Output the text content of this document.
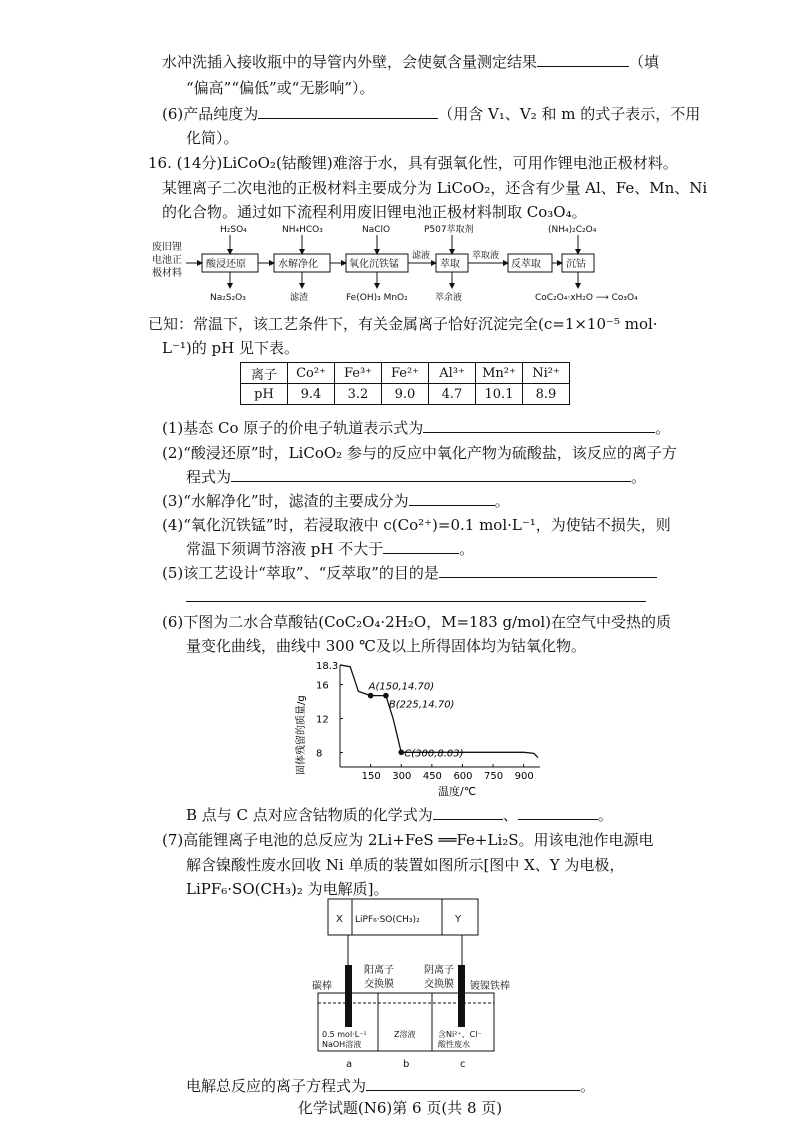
水冲洗插入接收瓶中的导管内外壁，会使氨含量测定结果	（填
“偏高”“偏低”或“无影响”）。
(6)产品纯度为	（用含 V₁、V₂ 和 m 的式子表示，不用
化简）。
16. (14分)LiCoO₂(钴酸锂)难溶于水，具有强氧化性，可用作锂电池正极材料。
某锂离子二次电池的正极材料主要成分为 LiCoO₂，还含有少量 Al、Fe、Mn、Ni
的化合物。通过如下流程利用废旧锂电池正极材料制取 Co₃O₄。
废旧锂
电池正
极材料
酸浸还原	水解净化	氧化沉铁锰	萃取	反萃取	沉钴
滤液	萃取液
H₂SO₄	NH₄HCO₃	NaClO	P507萃取剂	(NH₄)₂C₂O₄
Na₂S₂O₃	滤渣	Fe(OH)₃ MnO₂	萃余液	CoC₂O₄·xH₂O ⟶ Co₃O₄
已知：常温下，该工艺条件下，有关金属离子恰好沉淀完全(c=1×10⁻⁵ mol·
L⁻¹)的 pH 见下表。
离子	Co²⁺	Fe³⁺	Fe²⁺	Al³⁺	Mn²⁺	Ni²⁺
pH	9.4	3.2	9.0	4.7	10.1	8.9
(1)基态 Co 原子的价电子轨道表示式为	。
(2)“酸浸还原”时，LiCoO₂ 参与的反应中氧化产物为硫酸盐，该反应的离子方
程式为	。
(3)“水解净化”时，滤渣的主要成分为	。
(4)“氧化沉铁锰”时，若浸取液中 c(Co²⁺)=0.1 mol·L⁻¹，为使钴不损失，则
常温下须调节溶液 pH 不大于	。
(5)该工艺设计“萃取”、“反萃取”的目的是
(6)下图为二水合草酸钴(CoC₂O₄·2H₂O，M=183 g/mol)在空气中受热的质
量变化曲线，曲线中 300 ℃及以上所得固体均为钴氧化物。
固体残留的质量/g
温度/℃
150 300 450 600 750 900
18.3
16
12
8
A(150,14.70)
B(225,14.70)
C(300,8.03)
B 点与 C 点对应含钴物质的化学式为	、	。
(7)高能锂离子电池的总反应为 2Li+FeS ══Fe+Li₂S。用该电池作电源电
解含镍酸性废水回收 Ni 单质的装置如图所示[图中 X、Y 为电极，
LiPF₆·SO(CH₃)₂ 为电解质]。
X LiPF₆·SO(CH₃)₂	Y
碳棒
阳离子
交换膜
阴离子
交换膜 镀镍铁棒
0.5 mol·L⁻¹
NaOH溶液
Z溶液	含Ni²⁺、Cl⁻
酸性废水
a	b	c
电解总反应的离子方程式为	。
化学试题(N6)第 6 页(共 8 页)
